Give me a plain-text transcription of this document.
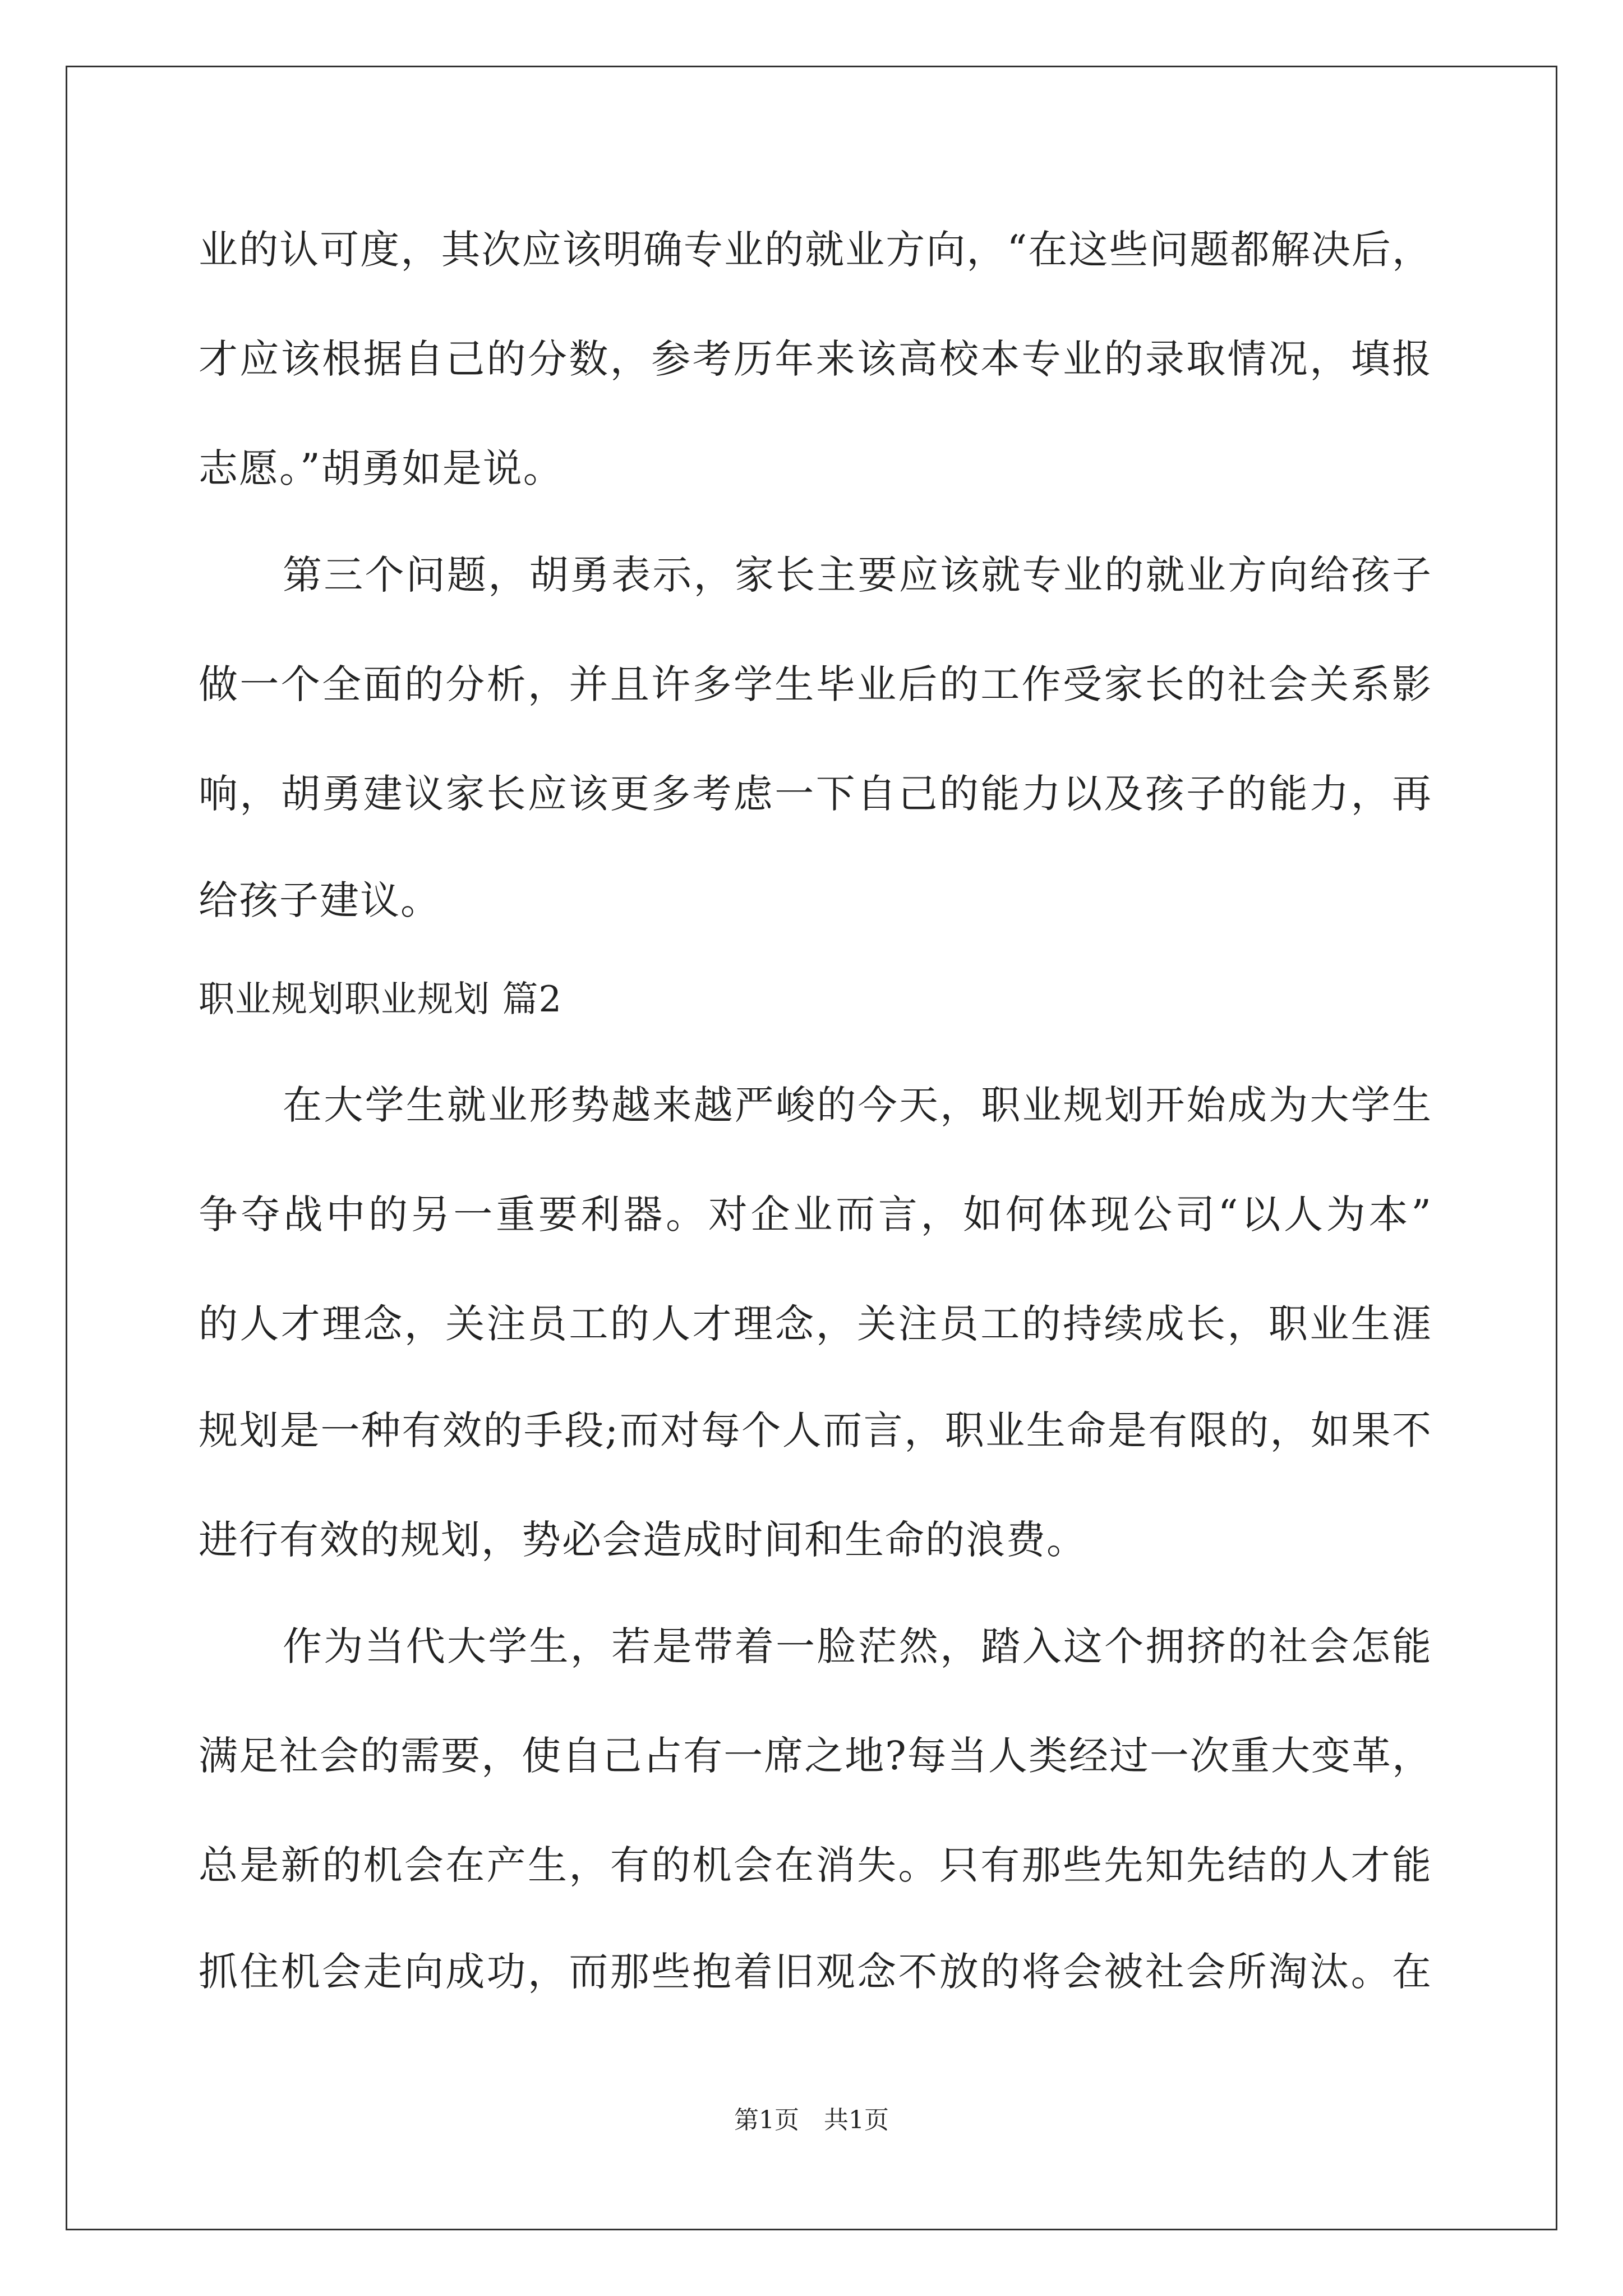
业的认可度，其次应该明确专业的就业方向，“在这些问题都解决后，
才应该根据自己的分数，参考历年来该高校本专业的录取情况，填报
志愿。”胡勇如是说。
第三个问题，胡勇表示，家长主要应该就专业的就业方向给孩子
做一个全面的分析，并且许多学生毕业后的工作受家长的社会关系影
响，胡勇建议家长应该更多考虑一下自己的能力以及孩子的能力，再
给孩子建议。
职业规划职业规划 篇2
在大学生就业形势越来越严峻的今天，职业规划开始成为大学生
争夺战中的另一重要利器。对企业而言，如何体现公司“以人为本”
的人才理念，关注员工的人才理念，关注员工的持续成长，职业生涯
规划是一种有效的手段;而对每个人而言，职业生命是有限的，如果不
进行有效的规划，势必会造成时间和生命的浪费。
作为当代大学生，若是带着一脸茫然，踏入这个拥挤的社会怎能
满足社会的需要，使自己占有一席之地?每当人类经过一次重大变革，
总是新的机会在产生，有的机会在消失。只有那些先知先结的人才能
抓住机会走向成功，而那些抱着旧观念不放的将会被社会所淘汰。在
第1页　共1页
